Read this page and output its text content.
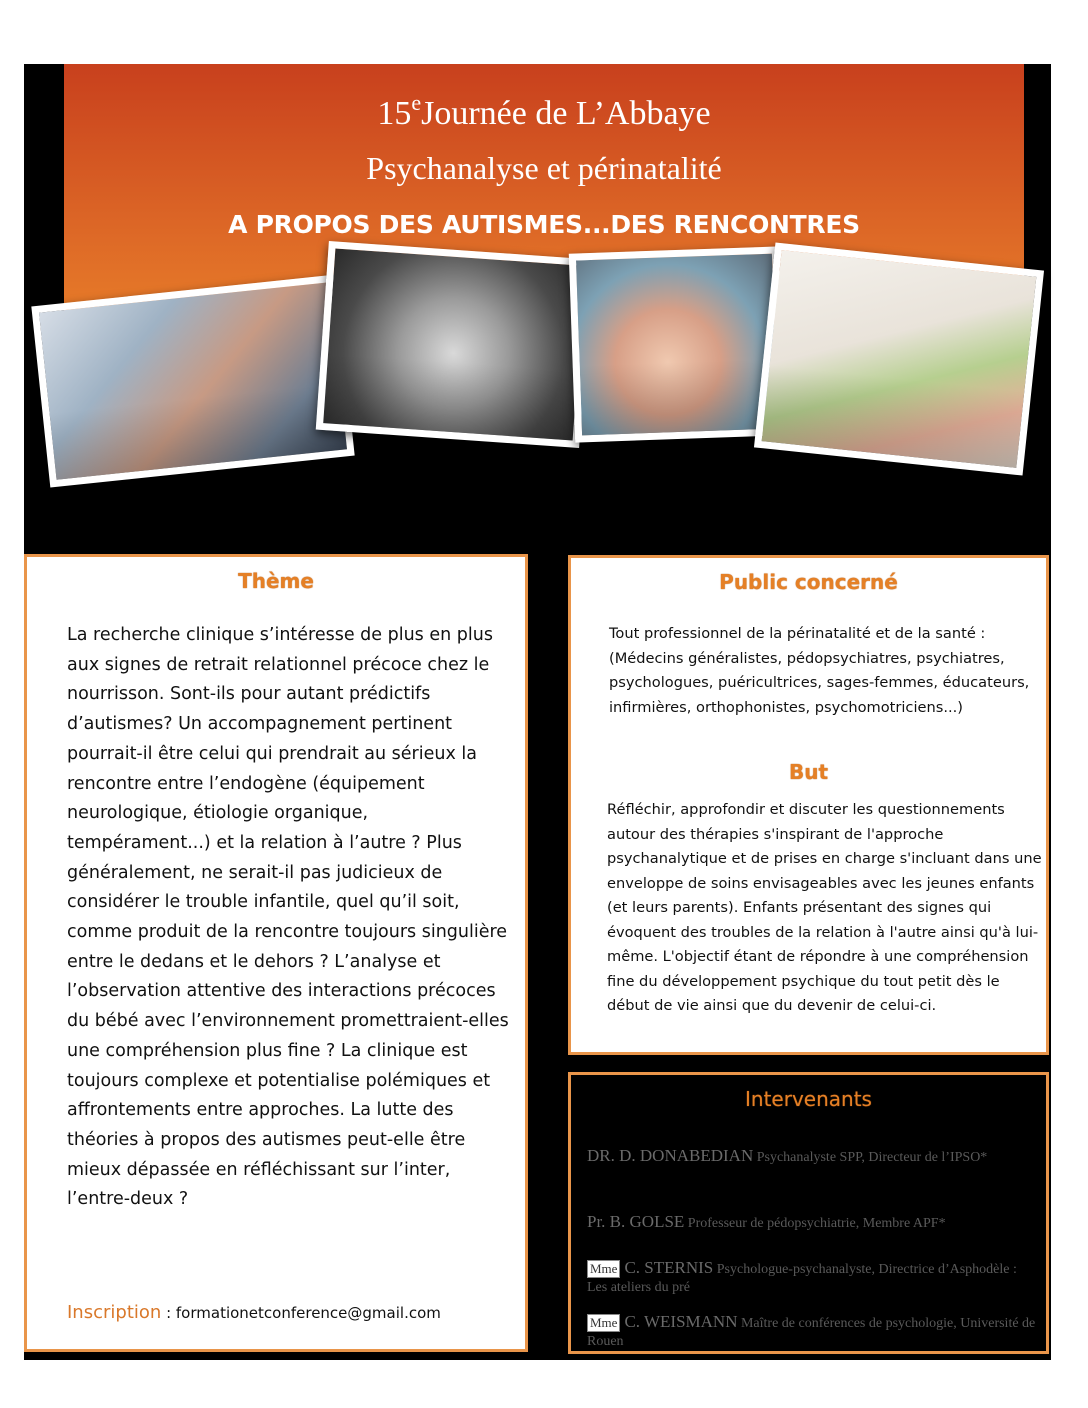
15eJournée de L’Abbaye
Psychanalyse et périnatalité
A PROPOS DES AUTISMES...DES RENCONTRES
Thème
La recherche clinique s’intéresse de plus en plus aux signes de retrait relationnel précoce chez le nourrisson. Sont-ils pour autant prédictifs d’autismes? Un accompagnement pertinent pourrait-il être celui qui prendrait au sérieux la rencontre entre l’endogène (équipement neurologique, étiologie organique, tempérament...) et la relation à l’autre ? Plus généralement, ne serait-il pas judicieux de considérer le trouble infantile, quel qu’il soit, comme produit de la rencontre toujours singulière entre le dedans et le dehors ? L’analyse et l’observation attentive des interactions précoces du bébé avec l’environnement promettraient-elles une compréhension plus fine ? La clinique est toujours complexe et potentialise polémiques et affrontements entre approches. La lutte des théories à propos des autismes peut-elle être mieux dépassée en réfléchissant sur l’inter, l’entre-deux ?
Inscription : formationetconference@gmail.com
Public concerné
Tout professionnel de la périnatalité et de la santé : (Médecins généralistes, pédopsychiatres, psychiatres, psychologues, puéricultrices, sages-femmes, éducateurs, infirmières, orthophonistes, psychomotriciens...)
But
Réfléchir, approfondir et discuter les questionnements autour des thérapies s'inspirant de l'approche psychanalytique et de prises en charge s'incluant dans une enveloppe de soins envisageables avec les jeunes enfants (et leurs parents). Enfants présentant des signes qui évoquent des troubles de la relation à l'autre ainsi qu'à lui-même. L'objectif étant de répondre à une compréhension fine du développement psychique du tout petit dès le début de vie ainsi que du devenir de celui-ci.
Intervenants
DR. D. DONABEDIAN Psychanalyste SPP, Directeur de l’IPSO*
Pr. B. GOLSE Professeur de pédopsychiatrie, Membre APF*
Mme C. STERNIS Psychologue-psychanalyste, Directrice d’Asphodèle : Les ateliers du pré
Mme C. WEISMANN Maître de conférences de psychologie, Université de Rouen
